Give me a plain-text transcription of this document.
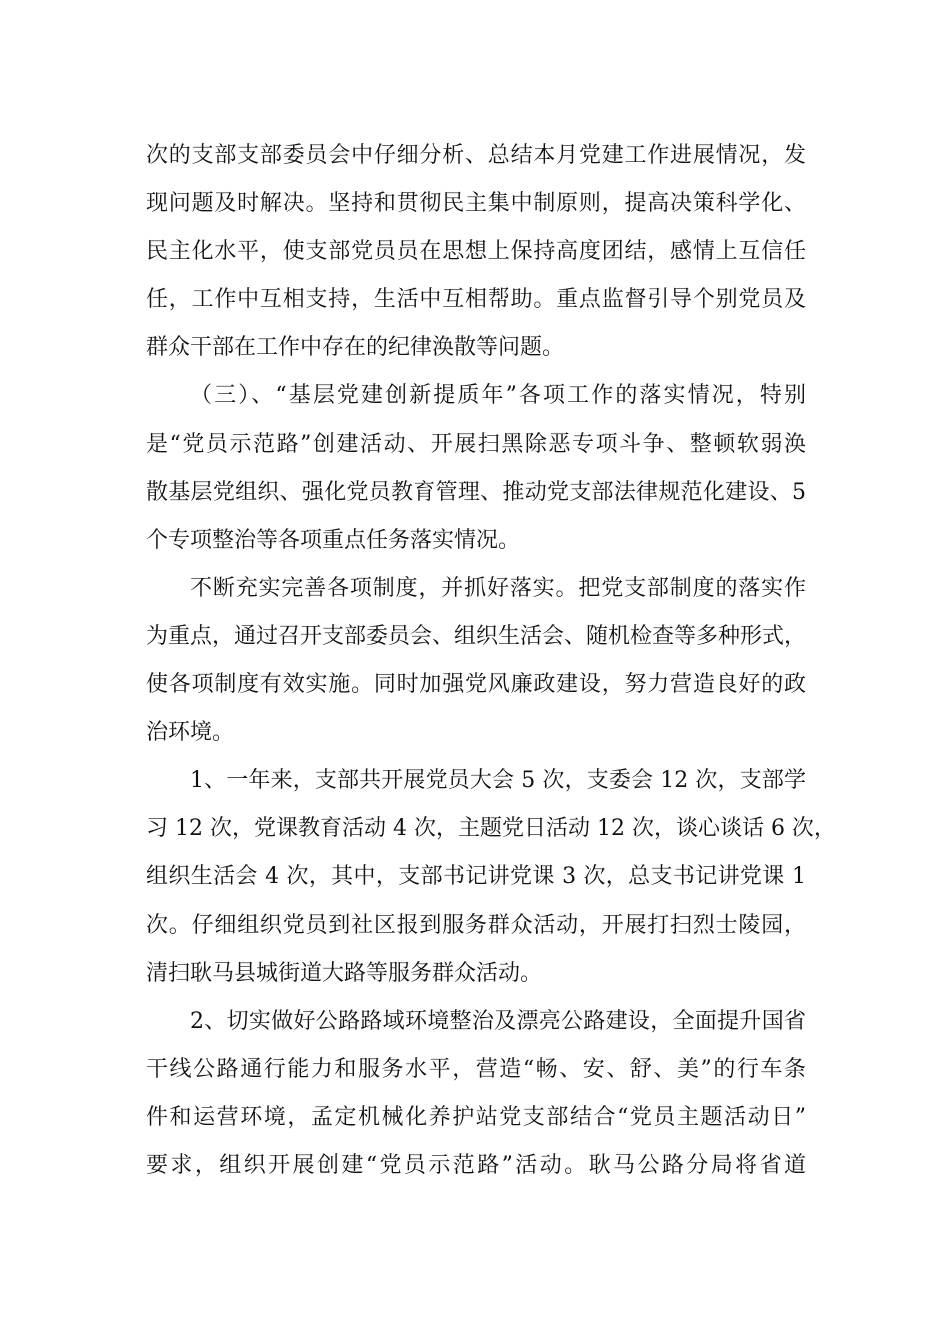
次的支部支部委员会中仔细分析、总结本月党建工作进展情况，发
现问题及时解决。坚持和贯彻民主集中制原则，提高决策科学化、
民主化水平，使支部党员员在思想上保持高度团结，感情上互信任
任，工作中互相支持，生活中互相帮助。重点监督引导个别党员及
群众干部在工作中存在的纪律涣散等问题。
（三）、“基层党建创新提质年”各项工作的落实情况，特别
是“党员示范路”创建活动、开展扫黑除恶专项斗争、整顿软弱涣
散基层党组织、强化党员教育管理、推动党支部法律规范化建设、5
个专项整治等各项重点任务落实情况。
不断充实完善各项制度，并抓好落实。把党支部制度的落实作
为重点，通过召开支部委员会、组织生活会、随机检查等多种形式，
使各项制度有效实施。同时加强党风廉政建设，努力营造良好的政
治环境。
1、一年来，支部共开展党员大会 5 次，支委会 12 次，支部学
习 12 次，党课教育活动 4 次，主题党日活动 12 次，谈心谈话 6 次，
组织生活会 4 次，其中，支部书记讲党课 3 次，总支书记讲党课 1
次。仔细组织党员到社区报到服务群众活动，开展打扫烈士陵园，
清扫耿马县城街道大路等服务群众活动。
2、切实做好公路路域环境整治及漂亮公路建设，全面提升国省
干线公路通行能力和服务水平，营造“畅、安、舒、美”的行车条
件和运营环境，孟定机械化养护站党支部结合“党员主题活动日”
要求，组织开展创建“党员示范路”活动。耿马公路分局将省道
